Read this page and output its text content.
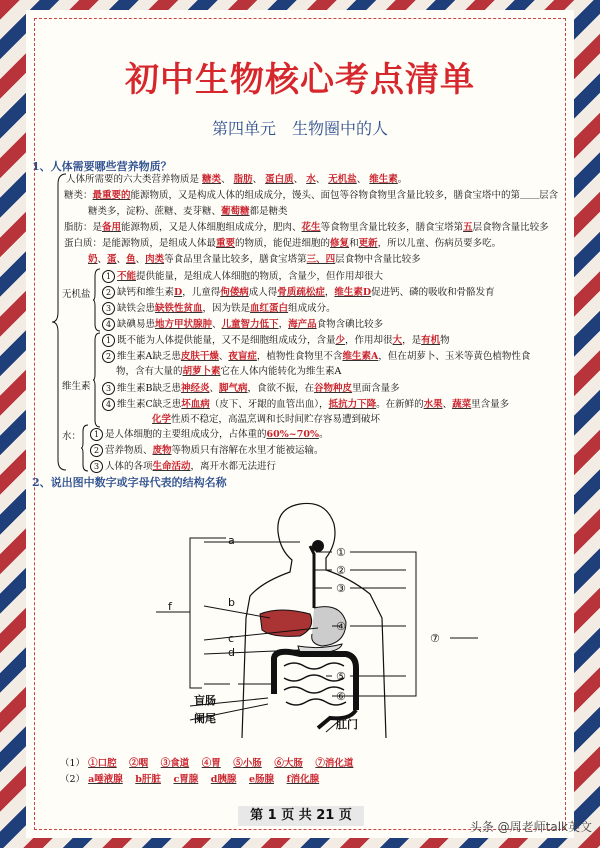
初中生物核心考点清单
第四单元　生物圈中的人
1、人体需要哪些营养物质？
人体所需要的六大类营养物质是 糖类、 脂肪、 蛋白质、 水、 无机盐、 维生素。
糖类：最重要的能源物质，又是构成人体的组成成分，馒头、面包等谷物食物里含量比较多，膳食宝塔中的第＿＿层含
糖类多，淀粉、蔗糖、麦芽糖、葡萄糖都是糖类
脂肪：是备用能源物质，又是人体细胞组成成分，肥肉、花生等食物里含量比较多，膳食宝塔第五层食物含量比较多
蛋白质：是能源物质，是组成人体最重要的物质，能促进细胞的修复和更新，所以儿童、伤病员要多吃。
奶、蛋、鱼、肉类等食品里含量比较多，膳食宝塔第三、四层食物中含量比较多
无机盐
1 不能提供能量，是组成人体细胞的物质，含量少，但作用却很大
2 缺钙和维生素D，儿童得佝偻病成人得骨质疏松症，维生素D促进钙、磷的吸收和骨骼发育
3 缺铁会患缺铁性贫血，因为铁是血红蛋白组成成分。
4 缺碘易患地方甲状腺肿、儿童智力低下，海产品食物含碘比较多
维生素
1 既不能为人体提供能量，又不是细胞组成成分，含量少，作用却很大，是有机物
2 维生素A缺乏患皮肤干燥、夜盲症，植物性食物里不含维生素A，但在胡萝卜、玉米等黄色植物性食
物，含有大量的胡萝卜素它在人体内能转化为维生素A
3 维生素B缺乏患神经炎、脚气病，食欲不振，在谷物种皮里面含量多
4 维生素C缺乏患坏血病（皮下、牙龈的血管出血），抵抗力下降。在新鲜的水果、蔬菜里含量多
化学性质不稳定，高温烹调和长时间贮存容易遭到破坏
水：	1 是人体细胞的主要组成成分，占体重的60%~70%。
2 营养物质、废物等物质只有溶解在水里才能被运输。
3 人体的各项生命活动，离开水都无法进行
2、说出图中数字或字母代表的结构名称
a
b
c
d
f
①
②
③
④
⑤
⑥
⑦
盲肠
阑尾	肛门
（1） ①口腔　 ②咽　 ③食道　 ④胃　 ⑤小肠　 ⑥大肠　 ⑦消化道
（2） a唾液腺　 b肝脏　 c胃腺　 d胰腺　 e肠腺　 f消化腺
第 1 页 共 21 页
头条 @周老师talk英文
